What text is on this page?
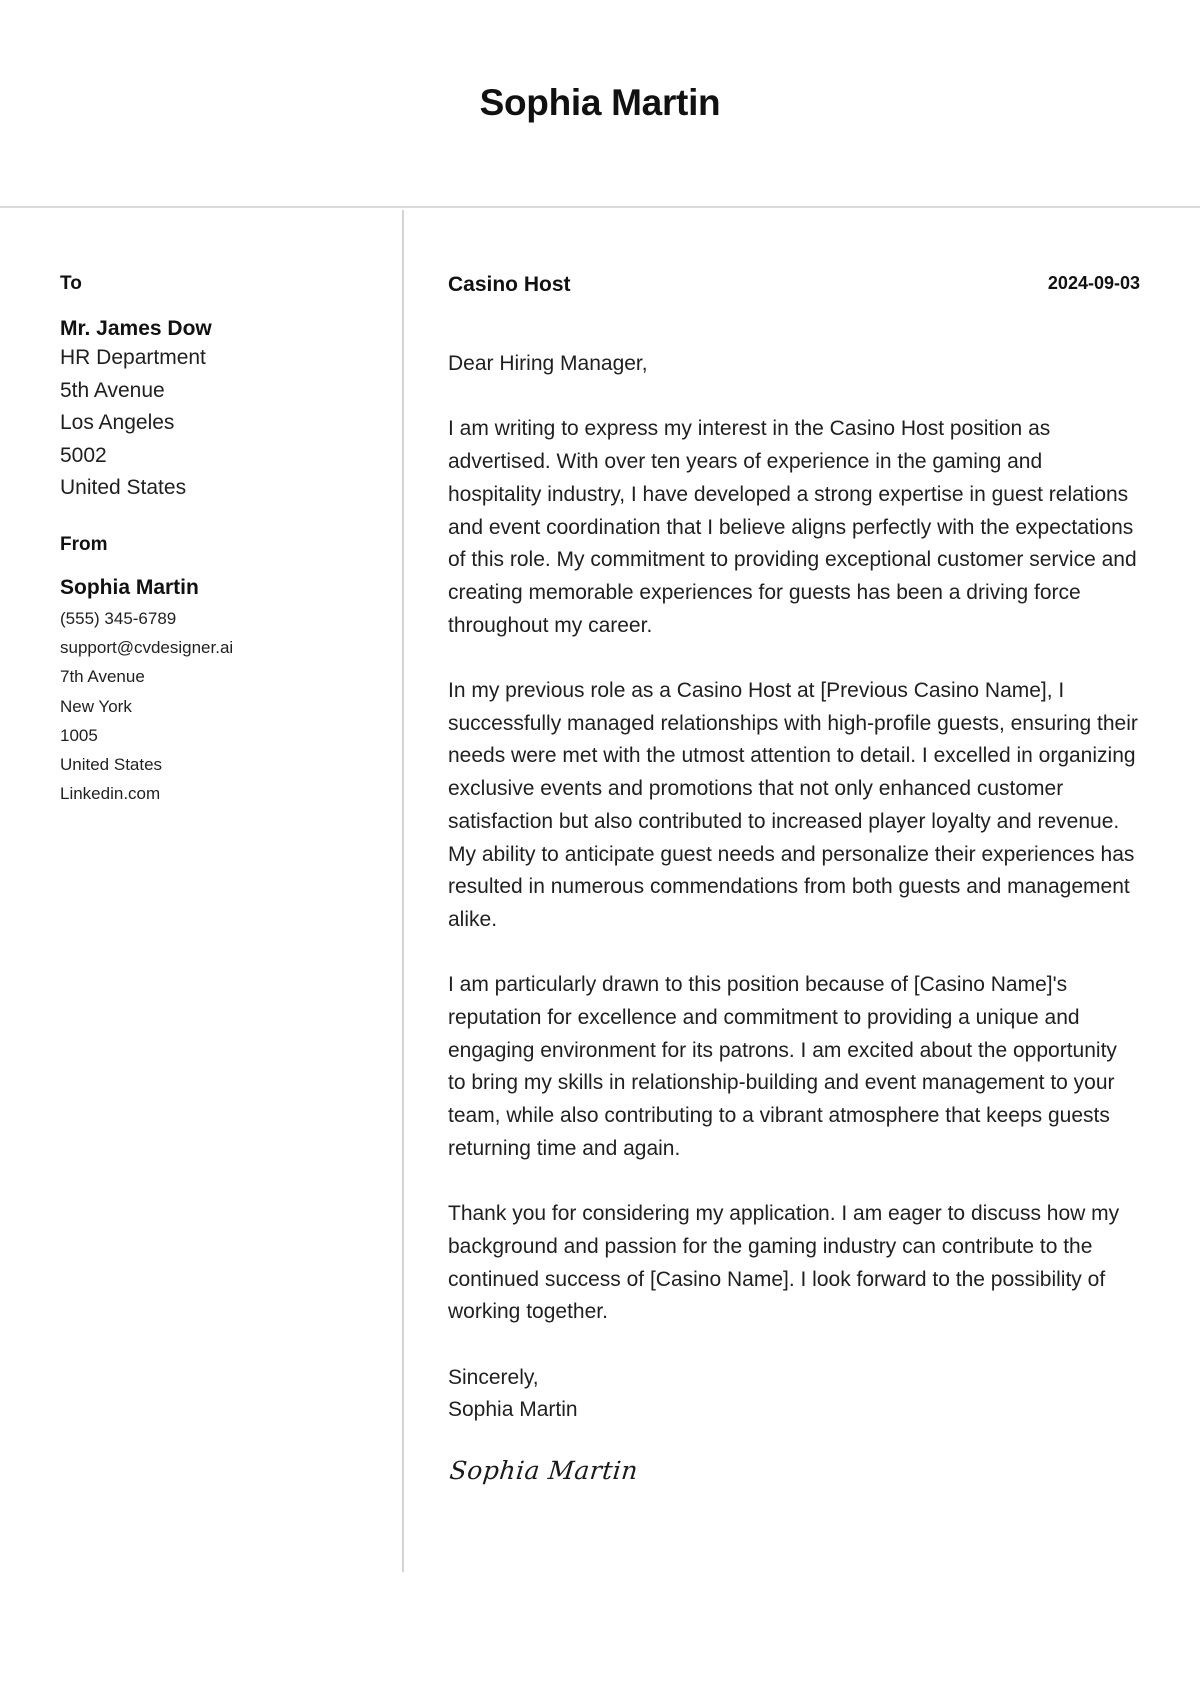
Sophia Martin
To
Mr. James Dow
HR Department
5th Avenue
Los Angeles
5002
United States
From
Sophia Martin
(555) 345-6789
support@cvdesigner.ai
7th Avenue
New York
1005
United States
Linkedin.com
Casino Host	2024-09-03

Dear Hiring Manager,

I am writing to express my interest in the Casino Host position as advertised. With over ten years of experience in the gaming and hospitality industry, I have developed a strong expertise in guest relations and event coordination that I believe aligns perfectly with the expectations of this role. My commitment to providing exceptional customer service and creating memorable experiences for guests has been a driving force throughout my career.

In my previous role as a Casino Host at [Previous Casino Name], I successfully managed relationships with high-profile guests, ensuring their needs were met with the utmost attention to detail. I excelled in organizing exclusive events and promotions that not only enhanced customer satisfaction but also contributed to increased player loyalty and revenue. My ability to anticipate guest needs and personalize their experiences has resulted in numerous commendations from both guests and management alike.

I am particularly drawn to this position because of [Casino Name]'s reputation for excellence and commitment to providing a unique and engaging environment for its patrons. I am excited about the opportunity to bring my skills in relationship-building and event management to your team, while also contributing to a vibrant atmosphere that keeps guests returning time and again.

Thank you for considering my application. I am eager to discuss how my background and passion for the gaming industry can contribute to the continued success of [Casino Name]. I look forward to the possibility of working together.

Sincerely,
Sophia Martin
Sophia Martin
